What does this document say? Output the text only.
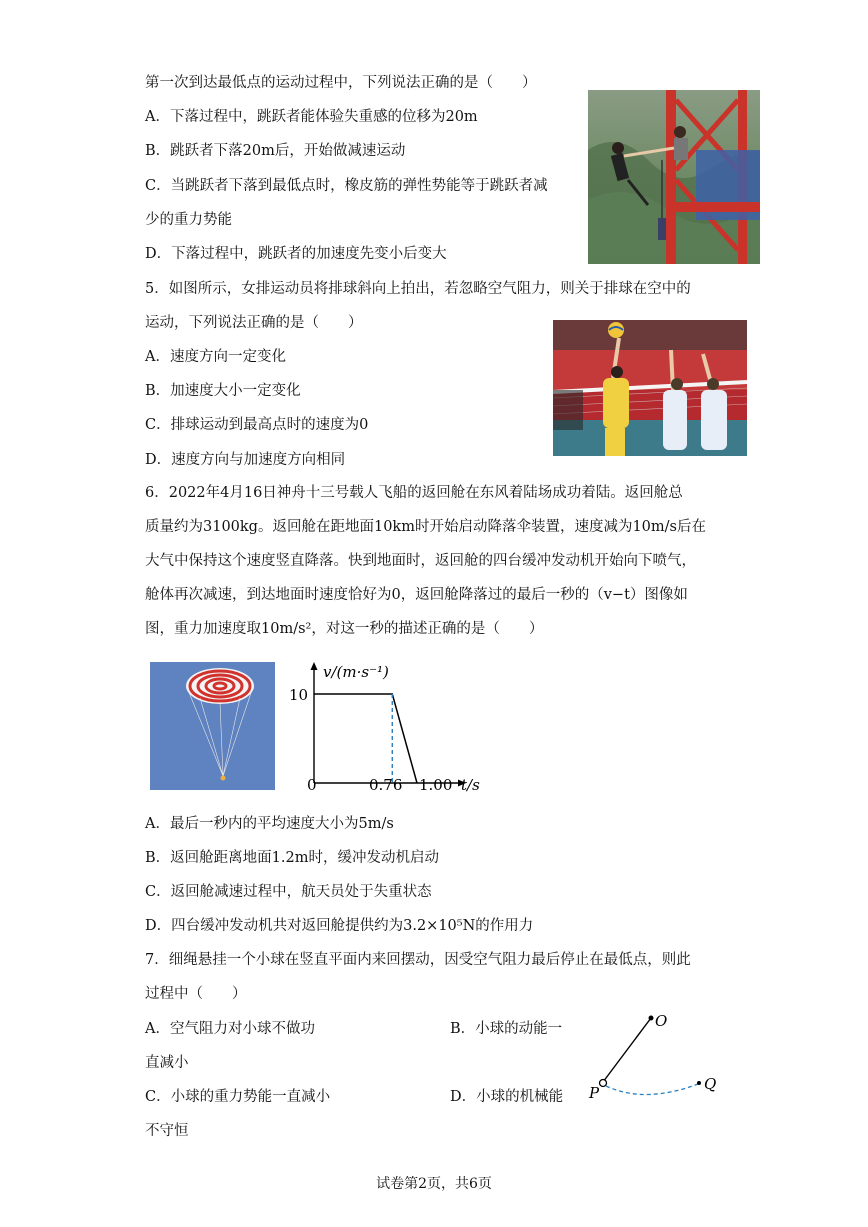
第一次到达最低点的运动过程中，下列说法正确的是（　　）
A．下落过程中，跳跃者能体验失重感的位移为20m
B．跳跃者下落20m后，开始做减速运动
C．当跳跃者下落到最低点时，橡皮筋的弹性势能等于跳跃者减
少的重力势能
D．下落过程中，跳跃者的加速度先变小后变大
5．如图所示，女排运动员将排球斜向上拍出，若忽略空气阻力，则关于排球在空中的
运动，下列说法正确的是（　　）
A．速度方向一定变化
B．加速度大小一定变化
C．排球运动到最高点时的速度为0
D．速度方向与加速度方向相同
6．2022年4月16日神舟十三号载人飞船的返回舱在东风着陆场成功着陆。返回舱总
质量约为3100kg。返回舱在距地面10km时开始启动降落伞装置，速度减为10m/s后在
大气中保持这个速度竖直降落。快到地面时，返回舱的四台缓冲发动机开始向下喷气，
舱体再次减速，到达地面时速度恰好为0，返回舱降落过的最后一秒的（v−t）图像如
图，重力加速度取10m/s²，对这一秒的描述正确的是（　　）
v/(m·s⁻¹)
10
0	0.76 1.00 t/s
A．最后一秒内的平均速度大小为5m/s
B．返回舱距离地面1.2m时，缓冲发动机启动
C．返回舱减速过程中，航天员处于失重状态
D．四台缓冲发动机共对返回舱提供约为3.2×10⁵N的作用力
7．细绳悬挂一个小球在竖直平面内来回摆动，因受空气阻力最后停止在最低点，则此
过程中（　　）
A．空气阻力对小球不做功	B．小球的动能一
直减小
C．小球的重力势能一直减小	D．小球的机械能
不守恒
O
P	Q
试卷第2页，共6页
